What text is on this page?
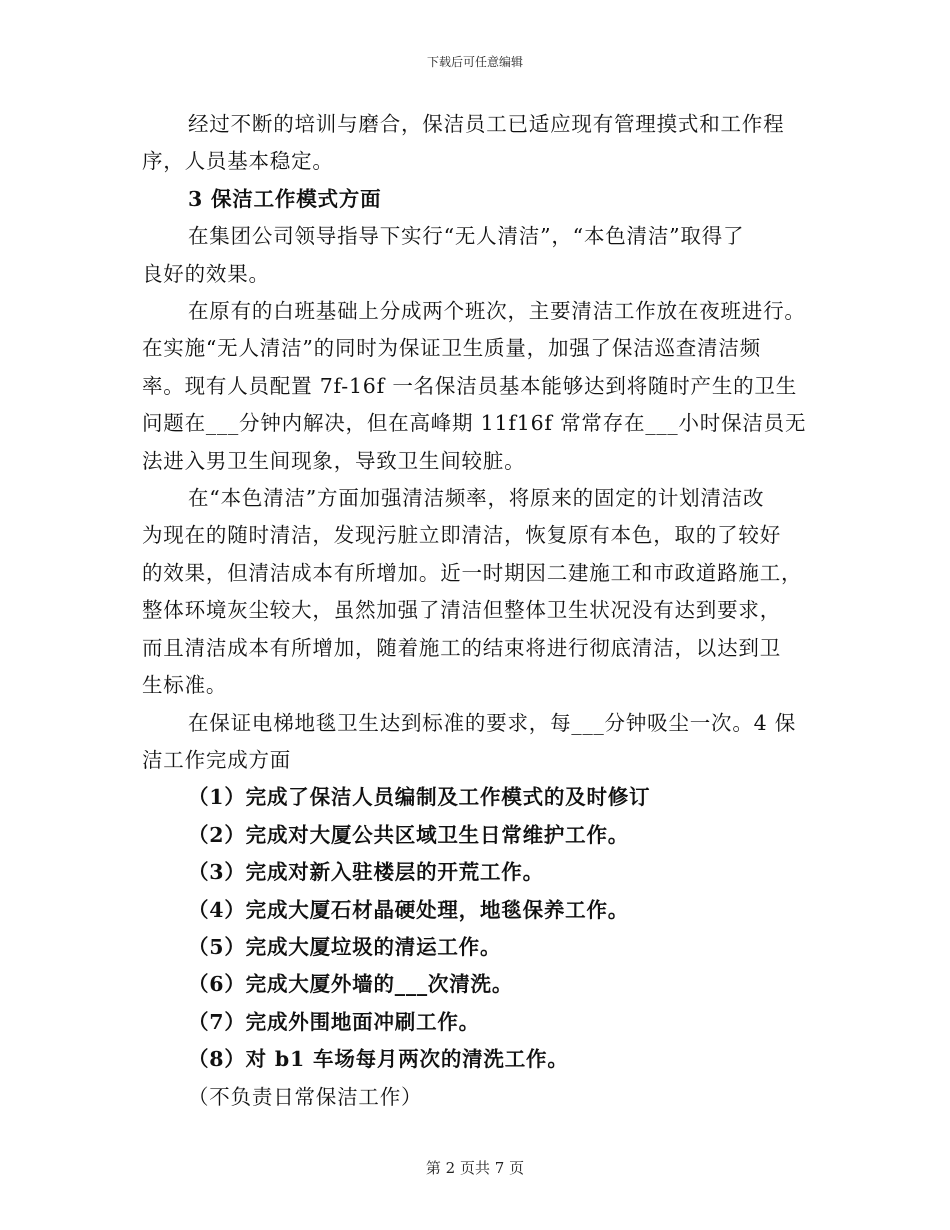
下载后可任意编辑
经过不断的培训与磨合，保洁员工已适应现有管理摸式和工作程
序，人员基本稳定。
3 保洁工作模式方面
在集团公司领导指导下实行“无人清洁”，“本色清洁”取得了
良好的效果。
在原有的白班基础上分成两个班次，主要清洁工作放在夜班进行。
在实施“无人清洁”的同时为保证卫生质量，加强了保洁巡查清洁频
率。现有人员配置 7f-16f 一名保洁员基本能够达到将随时产生的卫生
问题在___分钟内解决，但在高峰期 11f16f 常常存在___小时保洁员无
法进入男卫生间现象，导致卫生间较脏。
在“本色清洁”方面加强清洁频率，将原来的固定的计划清洁改
为现在的随时清洁，发现污脏立即清洁，恢复原有本色，取的了较好
的效果，但清洁成本有所增加。近一时期因二建施工和市政道路施工，
整体环境灰尘较大，虽然加强了清洁但整体卫生状况没有达到要求，
而且清洁成本有所增加，随着施工的结束将进行彻底清洁，以达到卫
生标准。
在保证电梯地毯卫生达到标准的要求，每___分钟吸尘一次。4 保
洁工作完成方面
（1）完成了保洁人员编制及工作模式的及时修订
（2）完成对大厦公共区域卫生日常维护工作。
（3）完成对新入驻楼层的开荒工作。
（4）完成大厦石材晶硬处理，地毯保养工作。
（5）完成大厦垃圾的清运工作。
（6）完成大厦外墙的___次清洗。
（7）完成外围地面冲刷工作。
（8）对 b1 车场每月两次的清洗工作。
（不负责日常保洁工作）
第 2 页共 7 页
